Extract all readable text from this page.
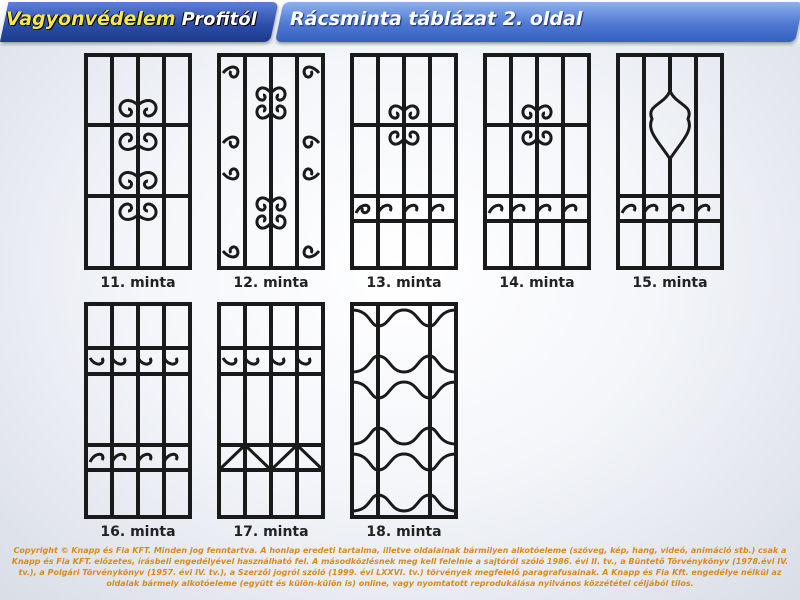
Vagyonvédelem Profitól Rácsminta táblázat 2. oldal
11. minta	12. minta	13. minta	14. minta	15. minta
16. minta	17. minta	18. minta
Copyright © Knapp és Fia KFT. Minden jog fenntartva. A honlap eredeti tartalma, illetve oldalainak bármilyen alkotóeleme (szöveg, kép, hang, videó, animáció stb.) csak a Knapp és Fia KFT. előzetes, írásbeli engedélyével használható fel. A másodközlésnek meg kell felelnie a sajtóról szóló 1986. évi II. tv., a Büntető Törvénykönyv (1978.évi IV. tv.), a Polgári Törvénykönyv (1957. évi IV. tv.), a Szerzői jogról szóló (1999. évi LXXVI. tv.) törvények megfelelő paragrafusainak. A Knapp és Fia Kft. engedélye nélkül az oldalak bármely alkotóeleme (együtt és külön-külön is) online, vagy nyomtatott reprodukálása nyilvános közzététel céljából tilos.
